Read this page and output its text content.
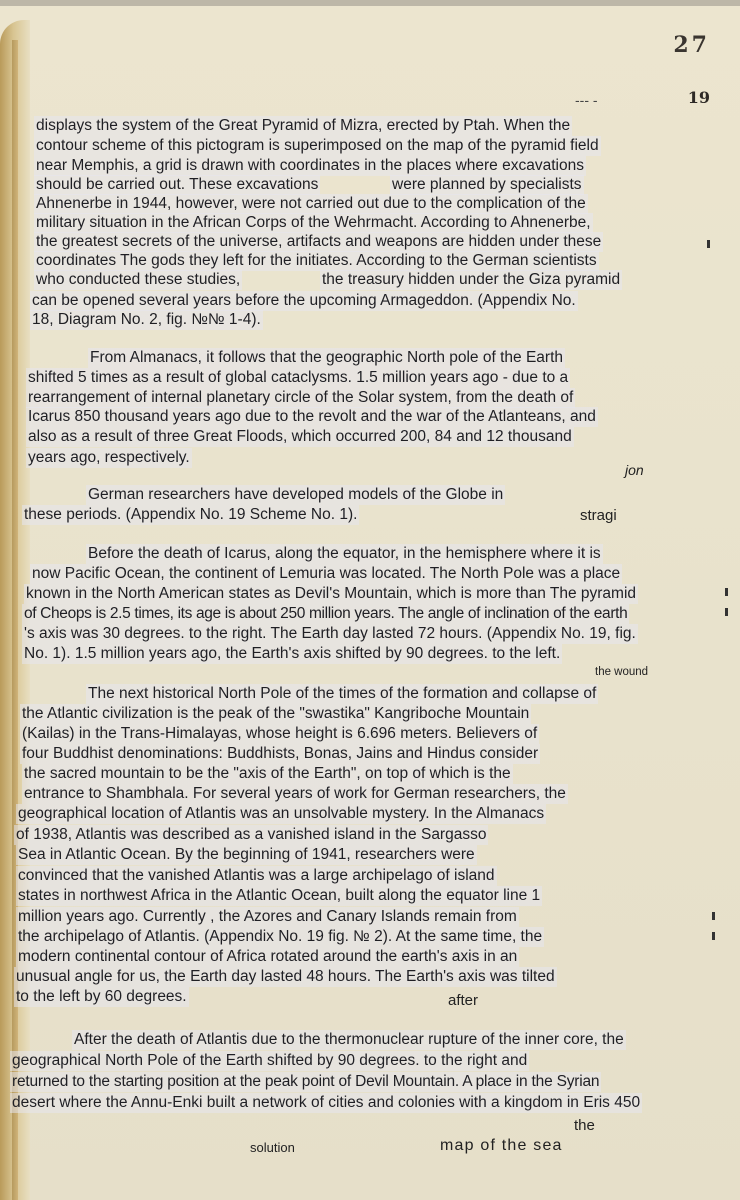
27
--- -	19
displays the system of the Great Pyramid of Mizra, erected by Ptah. When the
contour scheme of this pictogram is superimposed on the map of the pyramid field
near Memphis, a grid is drawn with coordinates in the places where excavations
should be carried out. These excavations	were planned by specialists
Ahnenerbe in 1944, however, were not carried out due to the complication of the
military situation in the African Corps of the Wehrmacht. According to Ahnenerbe,
the greatest secrets of the universe, artifacts and weapons are hidden under these
coordinates The gods they left for the initiates. According to the German scientists
who conducted these studies,	the treasury hidden under the Giza pyramid
can be opened several years before the upcoming Armageddon. (Appendix No.
18, Diagram No. 2, fig. №№ 1-4).
From Almanacs, it follows that the geographic North pole of the Earth
shifted 5 times as a result of global cataclysms. 1.5 million years ago - due to a
rearrangement of internal planetary circle of the Solar system, from the death of
Icarus 850 thousand years ago due to the revolt and the war of the Atlanteans, and
also as a result of three Great Floods, which occurred 200, 84 and 12 thousand
years ago, respectively.
jon
German researchers have developed models of the Globe in
these periods. (Appendix No. 19 Scheme No. 1).	stragi
Before the death of Icarus, along the equator, in the hemisphere where it is
now Pacific Ocean, the continent of Lemuria was located. The North Pole was a place
known in the North American states as Devil's Mountain, which is more than The pyramid
of Cheops is 2.5 times, its age is about 250 million years. The angle of inclination of the earth
's axis was 30 degrees. to the right. The Earth day lasted 72 hours. (Appendix No. 19, fig.
No. 1). 1.5 million years ago, the Earth's axis shifted by 90 degrees. to the left.
the wound
The next historical North Pole of the times of the formation and collapse of
the Atlantic civilization is the peak of the "swastika" Kangriboche Mountain
(Kailas) in the Trans-Himalayas, whose height is 6.696 meters. Believers of
four Buddhist denominations: Buddhists, Bonas, Jains and Hindus consider
the sacred mountain to be the "axis of the Earth", on top of which is the
entrance to Shambhala. For several years of work for German researchers, the
geographical location of Atlantis was an unsolvable mystery. In the Almanacs
of 1938, Atlantis was described as a vanished island in the Sargasso
Sea in Atlantic Ocean. By the beginning of 1941, researchers were
convinced that the vanished Atlantis was a large archipelago of island
states in northwest Africa in the Atlantic Ocean, built along the equator line 1
million years ago. Currently , the Azores and Canary Islands remain from
the archipelago of Atlantis. (Appendix No. 19 fig. № 2). At the same time, the
modern continental contour of Africa rotated around the earth's axis in an
unusual angle for us, the Earth day lasted 48 hours. The Earth's axis was tilted
to the left by 60 degrees.	after
After the death of Atlantis due to the thermonuclear rupture of the inner core, the
geographical North Pole of the Earth shifted by 90 degrees. to the right and
returned to the starting position at the peak point of Devil Mountain. A place in the Syrian
desert where the Annu-Enki built a network of cities and colonies with a kingdom in Eris 450
the
solution	map of the sea
